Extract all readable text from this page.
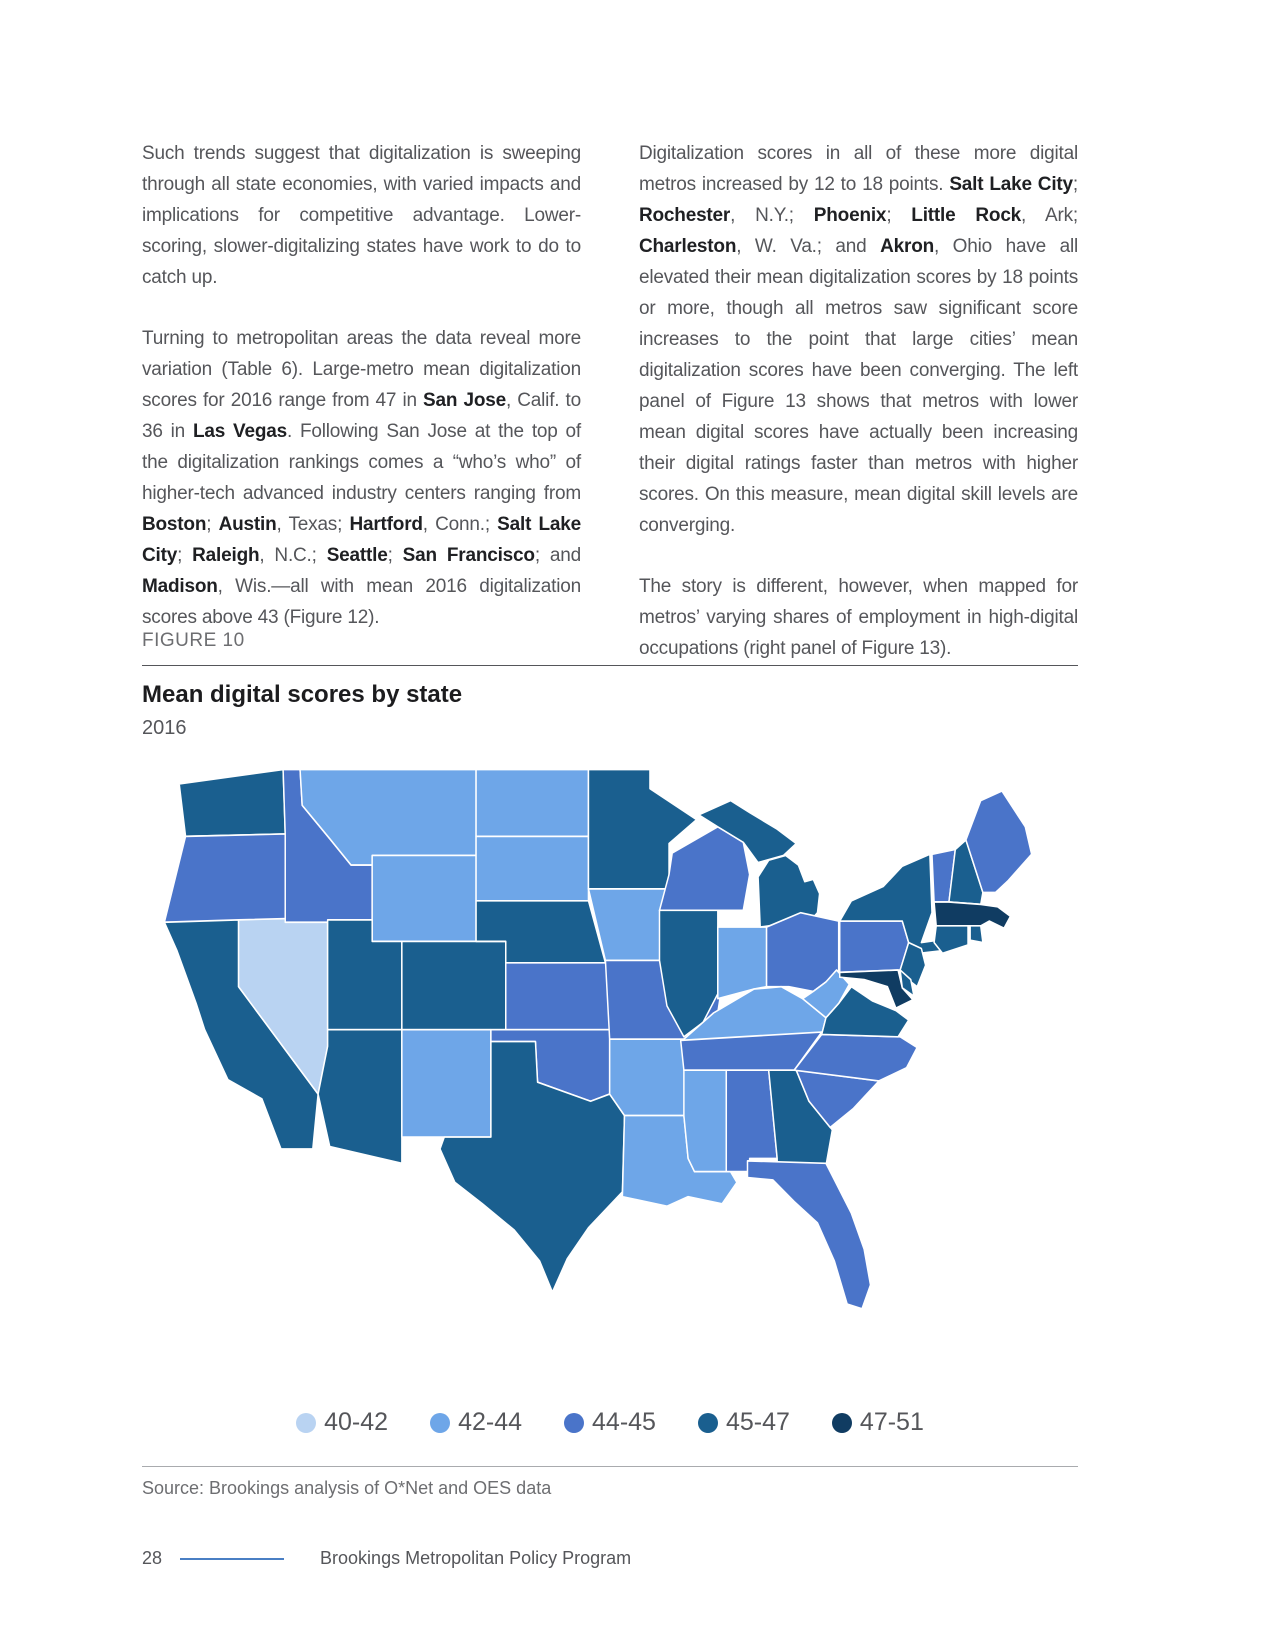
Such trends suggest that digitalization is sweeping through all state economies, with varied impacts and implications for competitive advantage. Lower-scoring, slower-digitalizing states have work to do to catch up.

Turning to metropolitan areas the data reveal more variation (Table 6). Large-metro mean digitalization scores for 2016 range from 47 in San Jose, Calif. to 36 in Las Vegas. Following San Jose at the top of the digitalization rankings comes a “who’s who” of higher-tech advanced industry centers ranging from Boston; Austin, Texas; Hartford, Conn.; Salt Lake City; Raleigh, N.C.; Seattle; San Francisco; and Madison, Wis.—all with mean 2016 digitalization scores above 43 (Figure 12).

Digitalization scores in all of these more digital metros increased by 12 to 18 points. Salt Lake City; Rochester, N.Y.; Phoenix; Little Rock, Ark; Charleston, W. Va.; and Akron, Ohio have all elevated their mean digitalization scores by 18 points or more, though all metros saw significant score increases to the point that large cities’ mean digitalization scores have been converging. The left panel of Figure 13 shows that metros with lower mean digital scores have actually been increasing their digital ratings faster than metros with higher scores. On this measure, mean digital skill levels are converging.

The story is different, however, when mapped for metros’ varying shares of employment in high-digital occupations (right panel of Figure 13).

FIGURE 10
Mean digital scores by state
2016
40-42	42-44	44-45	45-47	47-51
Source: Brookings analysis of O*Net and OES data
28	Brookings Metropolitan Policy Program
